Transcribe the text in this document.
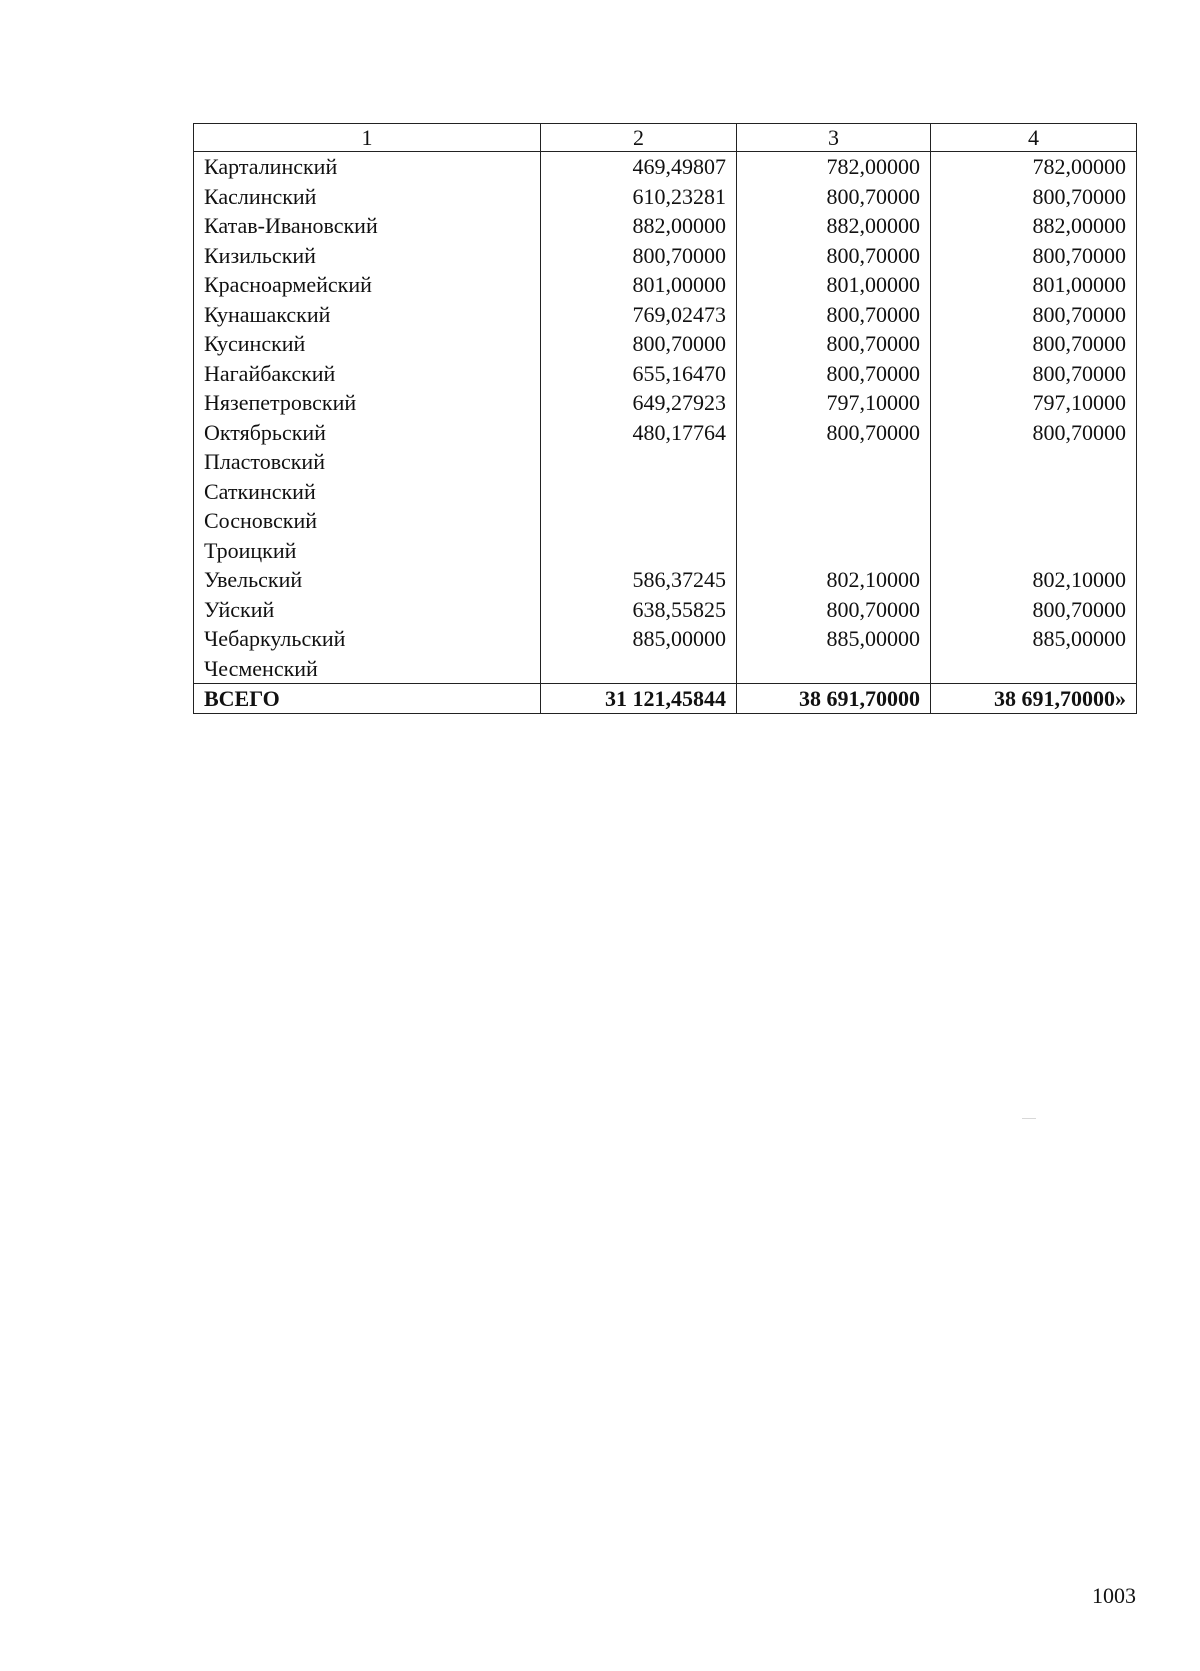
1	2	3	4
Карталинский	469,49807	782,00000	782,00000
Каслинский	610,23281	800,70000	800,70000
Катав-Ивановский	882,00000	882,00000	882,00000
Кизильский	800,70000	800,70000	800,70000
Красноармейский	801,00000	801,00000	801,00000
Кунашакский	769,02473	800,70000	800,70000
Кусинский	800,70000	800,70000	800,70000
Нагайбакский	655,16470	800,70000	800,70000
Нязепетровский	649,27923	797,10000	797,10000
Октябрьский	480,17764	800,70000	800,70000
Пластовский			
Саткинский			
Сосновский			
Троицкий			
Увельский	586,37245	802,10000	802,10000
Уйский	638,55825	800,70000	800,70000
Чебаркульский	885,00000	885,00000	885,00000
Чесменский			
ВСЕГО	31 121,45844	38 691,70000	38 691,70000»
1003
